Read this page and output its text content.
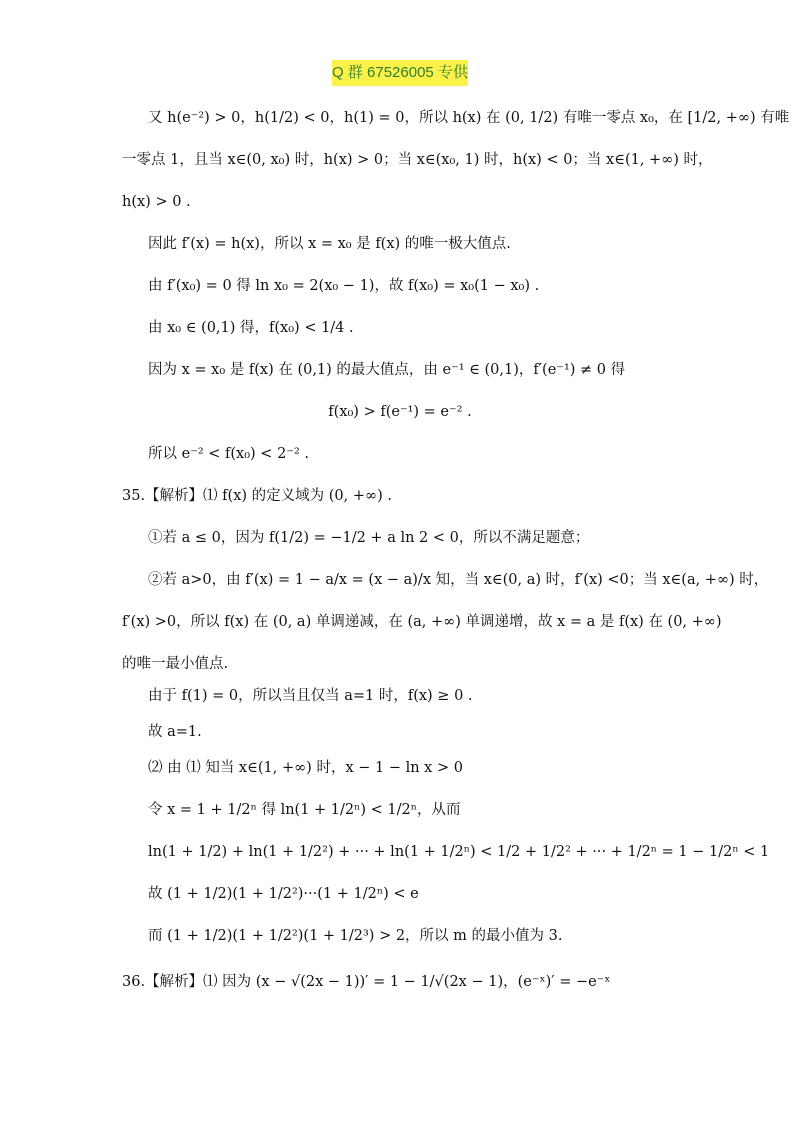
Q 群 67526005 专供
又 h(e⁻²) > 0，h(1/2) < 0，h(1) = 0，所以 h(x) 在 (0, 1/2) 有唯一零点 x₀，在 [1/2, +∞) 有唯
一零点 1，且当 x∈(0, x₀) 时，h(x) > 0；当 x∈(x₀, 1) 时，h(x) < 0；当 x∈(1, +∞) 时，
h(x) > 0 .
因此 f′(x) = h(x)，所以 x = x₀ 是 f(x) 的唯一极大值点.
由 f′(x₀) = 0 得 ln x₀ = 2(x₀ − 1)，故 f(x₀) = x₀(1 − x₀) .
由 x₀ ∈ (0,1) 得，f(x₀) < 1/4 .
因为 x = x₀ 是 f(x) 在 (0,1) 的最大值点，由 e⁻¹ ∈ (0,1)，f′(e⁻¹) ≠ 0 得
f(x₀) > f(e⁻¹) = e⁻² .
所以 e⁻² < f(x₀) < 2⁻² .
35.【解析】⑴ f(x) 的定义域为 (0, +∞) .
①若 a ≤ 0，因为 f(1/2) = −1/2 + a ln 2 < 0，所以不满足题意；
②若 a>0，由 f′(x) = 1 − a/x = (x − a)/x 知，当 x∈(0, a) 时，f′(x) <0；当 x∈(a, +∞) 时，
f′(x) >0，所以 f(x) 在 (0, a) 单调递减，在 (a, +∞) 单调递增，故 x = a 是 f(x) 在 (0, +∞)
的唯一最小值点.
由于 f(1) = 0，所以当且仅当 a=1 时，f(x) ≥ 0 .
故 a=1.
⑵ 由 ⑴ 知当 x∈(1, +∞) 时，x − 1 − ln x > 0
令 x = 1 + 1/2ⁿ 得 ln(1 + 1/2ⁿ) < 1/2ⁿ，从而
ln(1 + 1/2) + ln(1 + 1/2²) + ··· + ln(1 + 1/2ⁿ) < 1/2 + 1/2² + ··· + 1/2ⁿ = 1 − 1/2ⁿ < 1
故 (1 + 1/2)(1 + 1/2²)···(1 + 1/2ⁿ) < e
而 (1 + 1/2)(1 + 1/2²)(1 + 1/2³) > 2，所以 m 的最小值为 3.
36.【解析】⑴ 因为 (x − √(2x − 1))′ = 1 − 1/√(2x − 1)，(e⁻ˣ)′ = −e⁻ˣ
